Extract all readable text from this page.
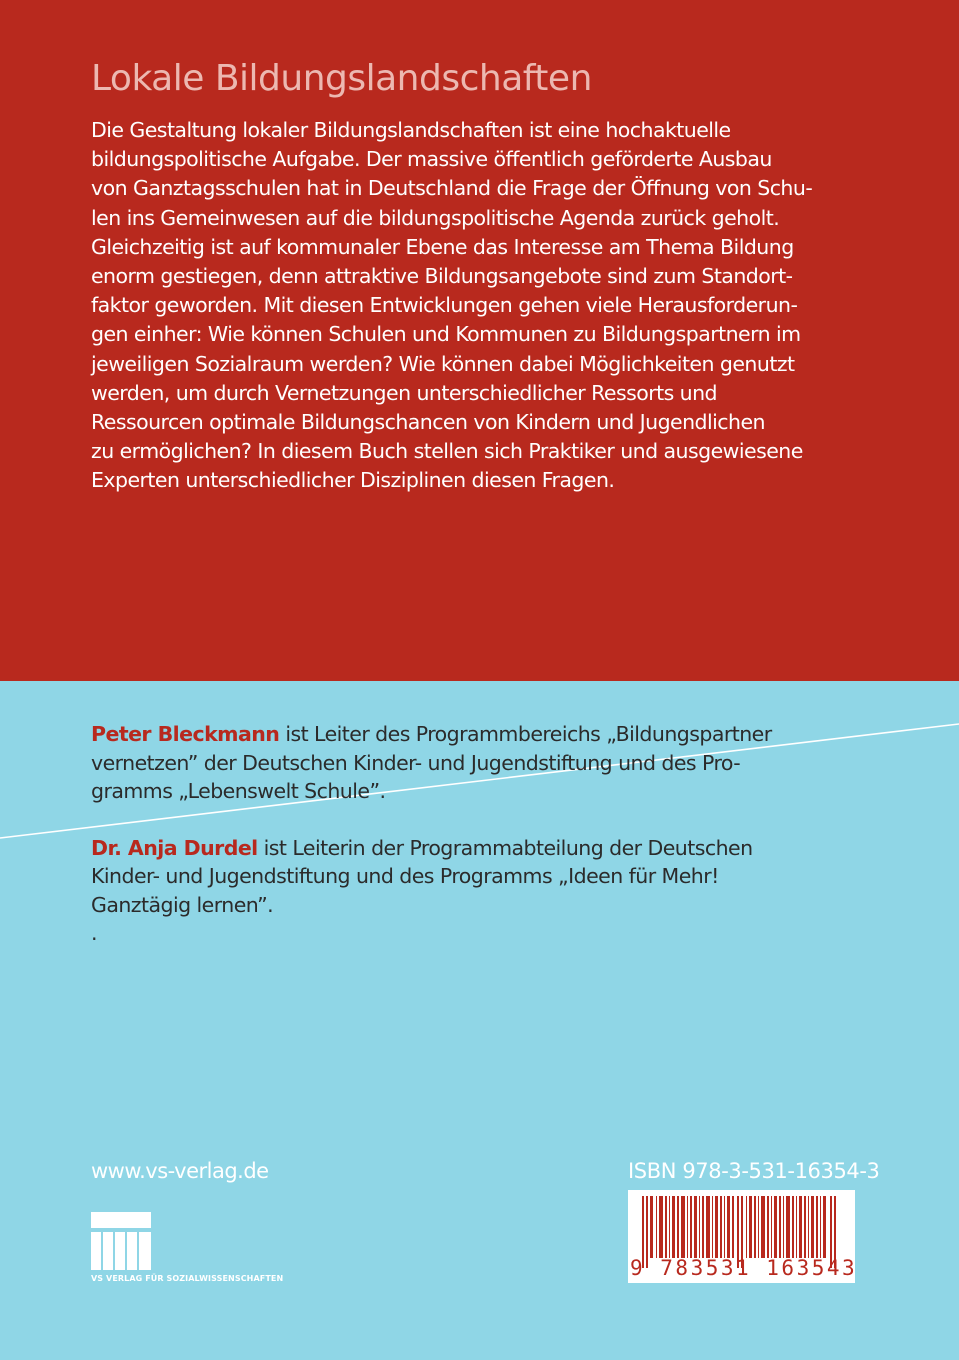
Lokale Bildungslandschaften
Die Gestaltung lokaler Bildungslandschaften ist eine hochaktuelle
bildungspolitische Aufgabe. Der massive öffentlich geförderte Ausbau
von Ganztagsschulen hat in Deutschland die Frage der Öffnung von Schu-
len ins Gemeinwesen auf die bildungspolitische Agenda zurück geholt.
Gleichzeitig ist auf kommunaler Ebene das Interesse am Thema Bildung
enorm gestiegen, denn attraktive Bildungsangebote sind zum Standort-
faktor geworden. Mit diesen Entwicklungen gehen viele Herausforderun-
gen einher: Wie können Schulen und Kommunen zu Bildungspartnern im
jeweiligen Sozialraum werden? Wie können dabei Möglichkeiten genutzt
werden, um durch Vernetzungen unterschiedlicher Ressorts und
Ressourcen optimale Bildungschancen von Kindern und Jugendlichen
zu ermöglichen? In diesem Buch stellen sich Praktiker und ausgewiesene
Experten unterschiedlicher Disziplinen diesen Fragen.
Peter Bleckmann ist Leiter des Programmbereichs „Bildungspartner
vernetzen” der Deutschen Kinder- und Jugendstiftung und des Pro-
gramms „Lebenswelt Schule”.
Dr. Anja Durdel ist Leiterin der Programmabteilung der Deutschen
Kinder- und Jugendstiftung und des Programms „Ideen für Mehr!
Ganztägig lernen”.
.
www.vs-verlag.de	ISBN 978-3-531-16354-3
VS VERLAG FÜR SOZIALWISSENSCHAFTEN	9 783531 163543
